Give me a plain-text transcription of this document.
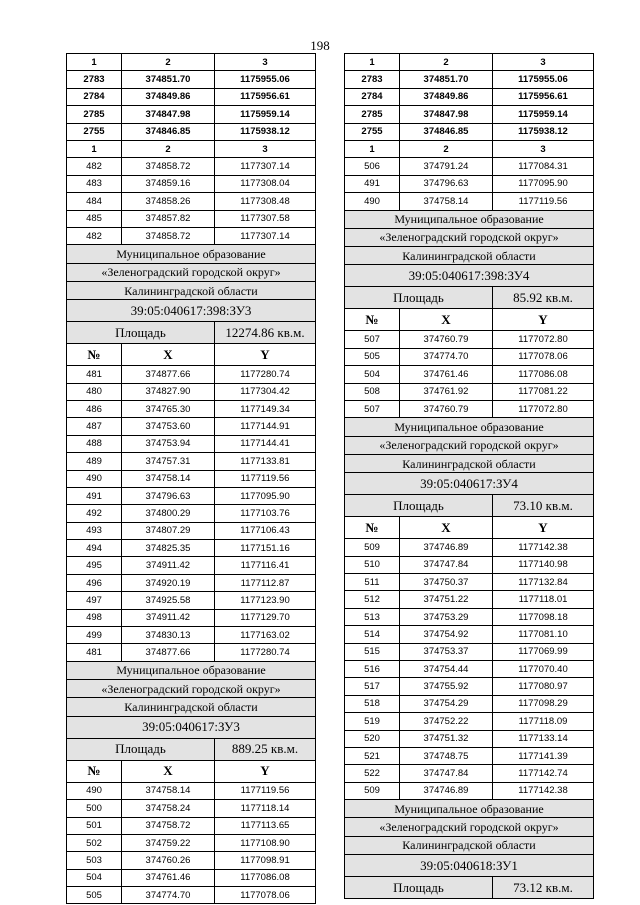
198
1	2	3
2783	374851.70	1175955.06
2784	374849.86	1175956.61
2785	374847.98	1175959.14
2755	374846.85	1175938.12
1	2	3
482	374858.72	1177307.14
483	374859.16	1177308.04
484	374858.26	1177308.48
485	374857.82	1177307.58
482	374858.72	1177307.14
Муниципальное образование		
«Зеленоградский городской округ»		
Калининградской области		
39:05:040617:398:ЗУ3		
Площадь		12274.86 кв.м.
№	X	Y
481	374877.66	1177280.74
480	374827.90	1177304.42
486	374765.30	1177149.34
487	374753.60	1177144.91
488	374753.94	1177144.41
489	374757.31	1177133.81
490	374758.14	1177119.56
491	374796.63	1177095.90
492	374800.29	1177103.76
493	374807.29	1177106.43
494	374825.35	1177151.16
495	374911.42	1177116.41
496	374920.19	1177112.87
497	374925.58	1177123.90
498	374911.42	1177129.70
499	374830.13	1177163.02
481	374877.66	1177280.74
Муниципальное образование		
«Зеленоградский городской округ»		
Калининградской области		
39:05:040617:ЗУ3		
Площадь		889.25 кв.м.
№	X	Y
490	374758.14	1177119.56
500	374758.24	1177118.14
501	374758.72	1177113.65
502	374759.22	1177108.90
503	374760.26	1177098.91
504	374761.46	1177086.08
505	374774.70	1177078.06
1	2	3
2783	374851.70	1175955.06
2784	374849.86	1175956.61
2785	374847.98	1175959.14
2755	374846.85	1175938.12
1	2	3
506	374791.24	1177084.31
491	374796.63	1177095.90
490	374758.14	1177119.56
Муниципальное образование		
«Зеленоградский городской округ»		
Калининградской области		
39:05:040617:398:ЗУ4		
Площадь		85.92 кв.м.
№	X	Y
507	374760.79	1177072.80
505	374774.70	1177078.06
504	374761.46	1177086.08
508	374761.92	1177081.22
507	374760.79	1177072.80
Муниципальное образование		
«Зеленоградский городской округ»		
Калининградской области		
39:05:040617:ЗУ4		
Площадь		73.10 кв.м.
№	X	Y
509	374746.89	1177142.38
510	374747.84	1177140.98
511	374750.37	1177132.84
512	374751.22	1177118.01
513	374753.29	1177098.18
514	374754.92	1177081.10
515	374753.37	1177069.99
516	374754.44	1177070.40
517	374755.92	1177080.97
518	374754.29	1177098.29
519	374752.22	1177118.09
520	374751.32	1177133.14
521	374748.75	1177141.39
522	374747.84	1177142.74
509	374746.89	1177142.38
Муниципальное образование		
«Зеленоградский городской округ»		
Калининградской области		
39:05:040618:ЗУ1		
Площадь		73.12 кв.м.
